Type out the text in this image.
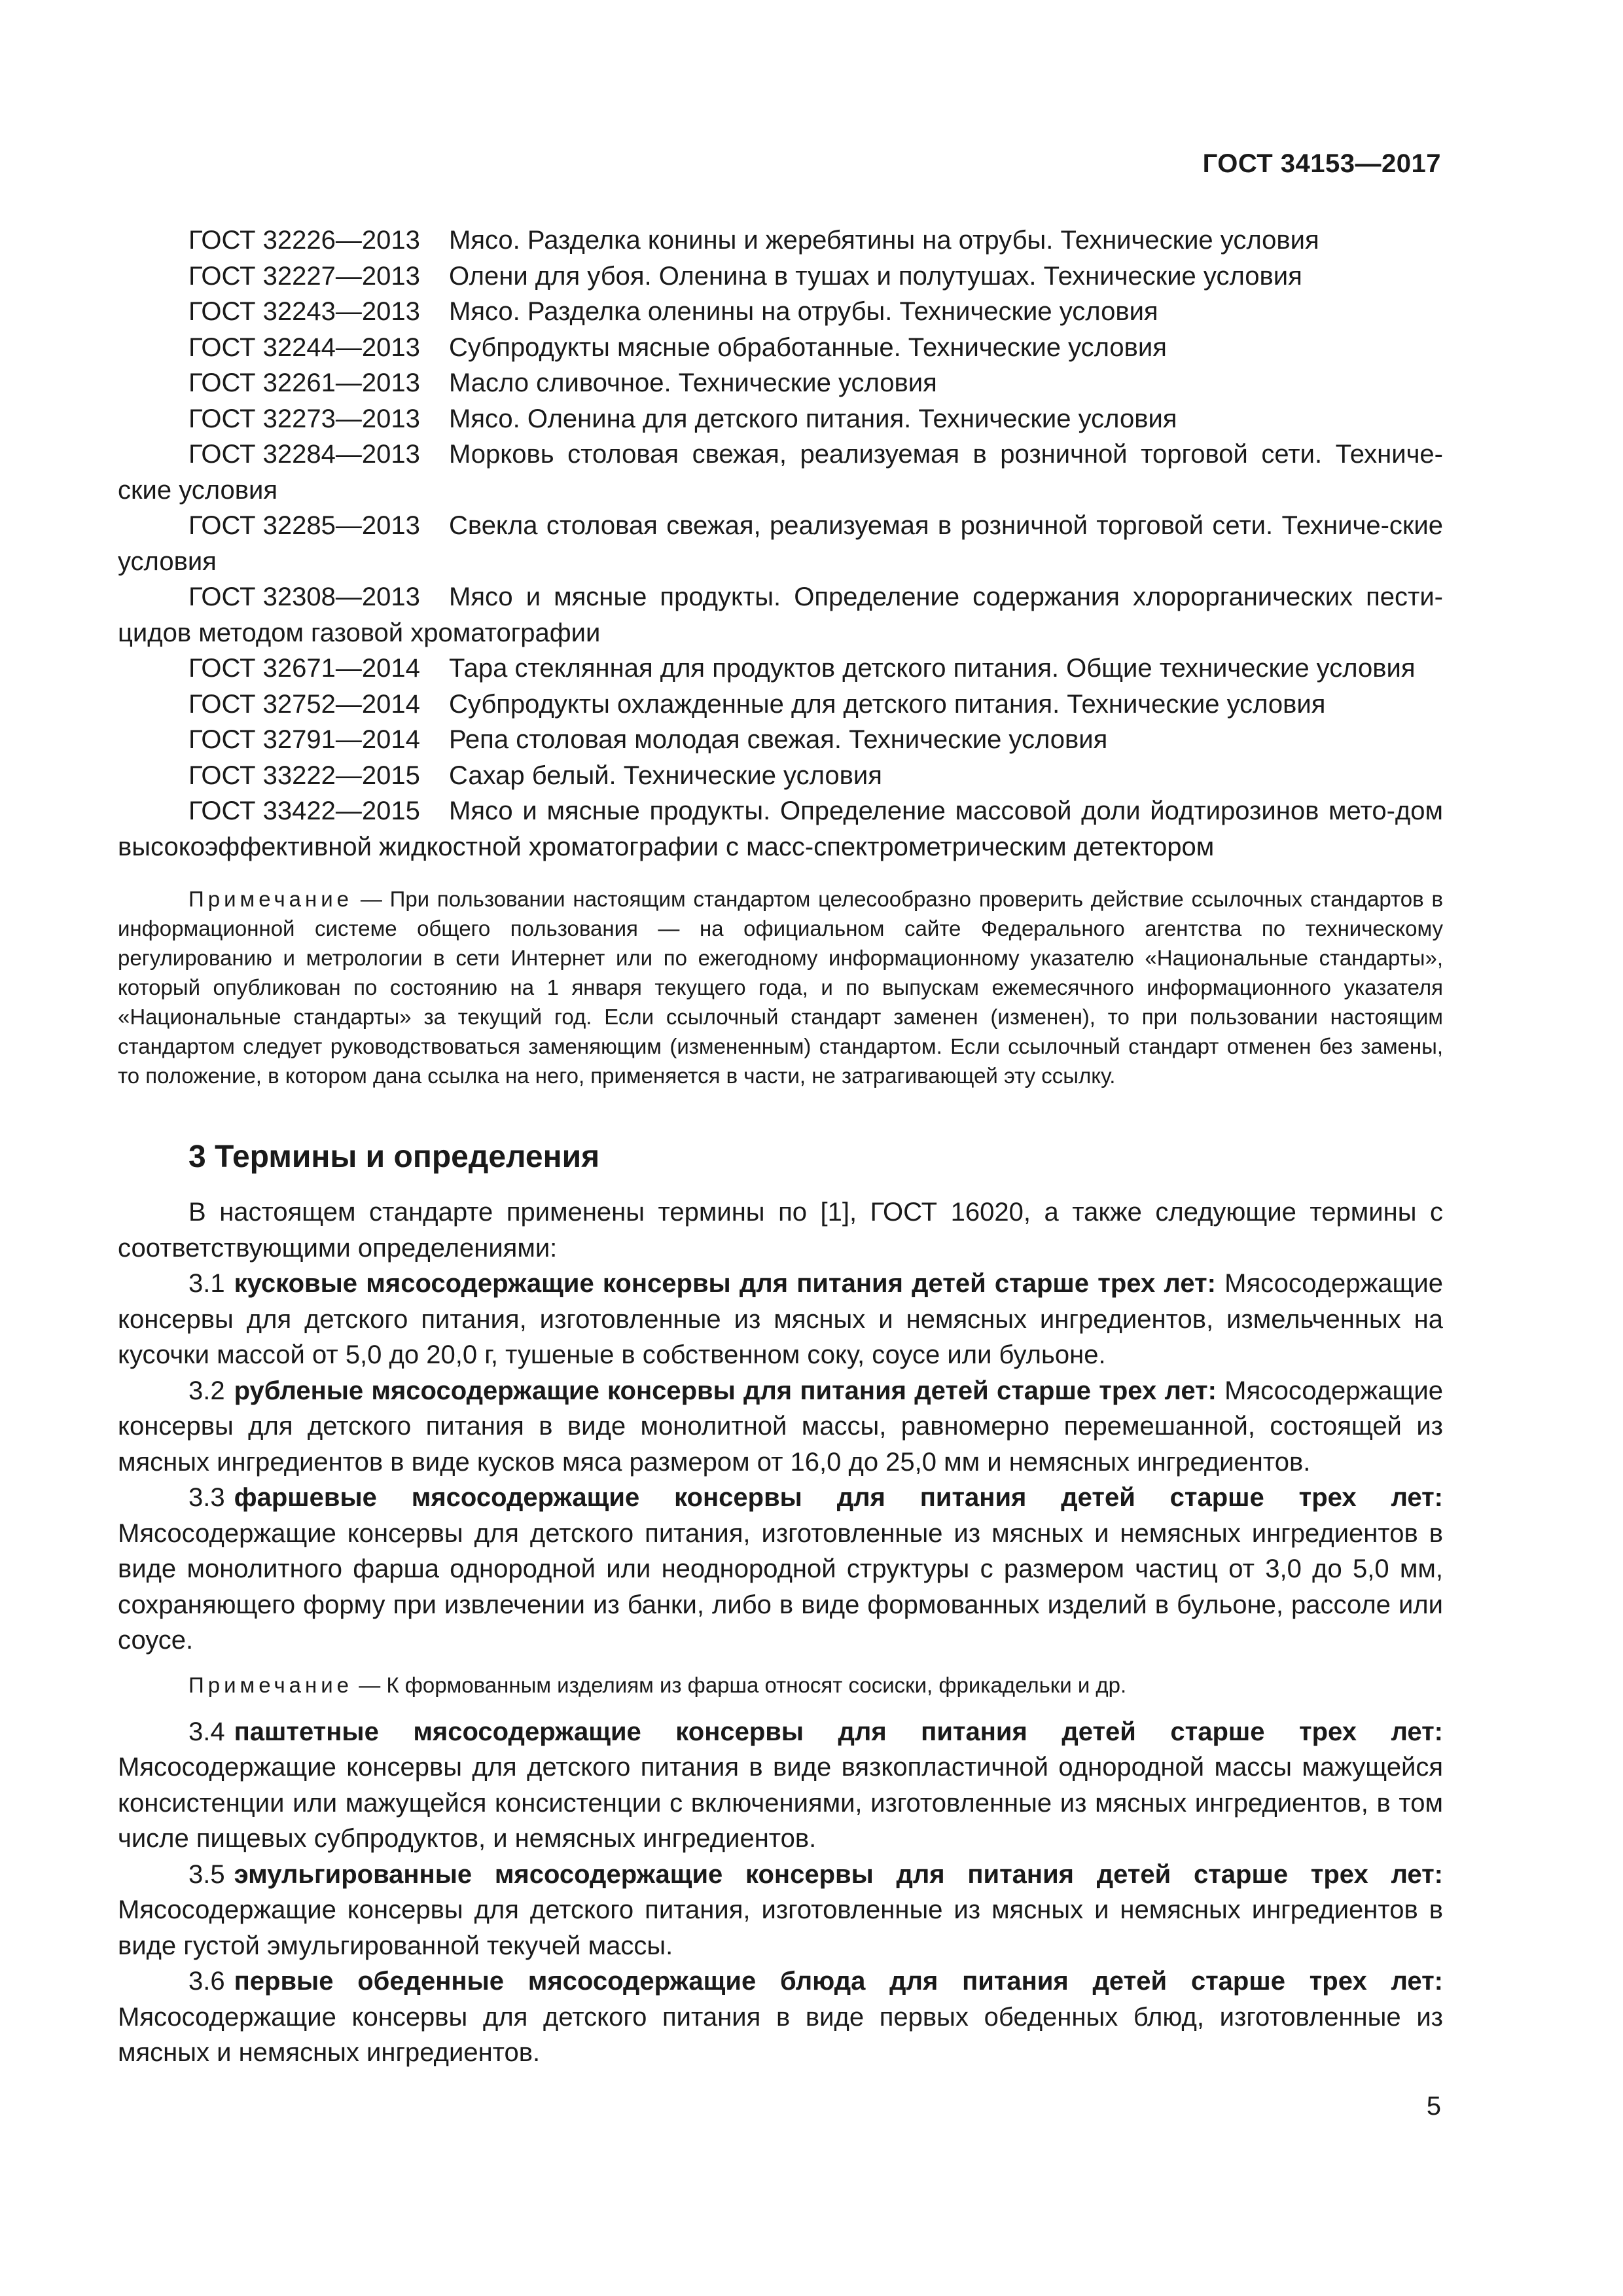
ГОСТ 34153—2017

ГОСТ 32226—2013 Мясо. Разделка конины и жеребятины на отрубы. Технические условия

ГОСТ 32227—2013 Олени для убоя. Оленина в тушах и полутушах. Технические условия

ГОСТ 32243—2013 Мясо. Разделка оленины на отрубы. Технические условия

ГОСТ 32244—2013 Субпродукты мясные обработанные. Технические условия

ГОСТ 32261—2013 Масло сливочное. Технические условия

ГОСТ 32273—2013 Мясо. Оленина для детского питания. Технические условия

ГОСТ 32284—2013 Морковь столовая свежая, реализуемая в розничной торговой сети. Техниче-ские условия

ГОСТ 32285—2013 Свекла столовая свежая, реализуемая в розничной торговой сети. Техниче-ские условия

ГОСТ 32308—2013 Мясо и мясные продукты. Определение содержания хлорорганических пести-цидов методом газовой хроматографии

ГОСТ 32671—2014 Тара стеклянная для продуктов детского питания. Общие технические условия

ГОСТ 32752—2014 Субпродукты охлажденные для детского питания. Технические условия

ГОСТ 32791—2014 Репа столовая молодая свежая. Технические условия

ГОСТ 33222—2015 Сахар белый. Технические условия

ГОСТ 33422—2015 Мясо и мясные продукты. Определение массовой доли йодтирозинов мето-дом высокоэффективной жидкостной хроматографии с масс-спектрометрическим детектором

Примечание — При пользовании настоящим стандартом целесообразно проверить действие ссылочных стандартов в информационной системе общего пользования — на официальном сайте Федерального агентства по техническому регулированию и метрологии в сети Интернет или по ежегодному информационному указателю «Национальные стандарты», который опубликован по состоянию на 1 января текущего года, и по выпускам ежемесячного информационного указателя «Национальные стандарты» за текущий год. Если ссылочный стандарт заменен (изменен), то при пользовании настоящим стандартом следует руководствоваться заменяющим (измененным) стандартом. Если ссылочный стандарт отменен без замены, то положение, в котором дана ссылка на него, применяется в части, не затрагивающей эту ссылку.
3 Термины и определения

В настоящем стандарте применены термины по [1], ГОСТ 16020, а также следующие термины с соответствующими определениями:

3.1 кусковые мясосодержащие консервы для питания детей старше трех лет: Мясосодержащие консервы для детского питания, изготовленные из мясных и немясных ингредиентов, измельченных на кусочки массой от 5,0 до 20,0 г, тушеные в собственном соку, соусе или бульоне.

3.2 рубленые мясосодержащие консервы для питания детей старше трех лет: Мясосодержащие консервы для детского питания в виде монолитной массы, равномерно перемешанной, состоящей из мясных ингредиентов в виде кусков мяса размером от 16,0 до 25,0 мм и немясных ингредиентов.

3.3 фаршевые мясосодержащие консервы для питания детей старше трех лет: Мясосодержащие консервы для детского питания, изготовленные из мясных и немясных ингредиентов в виде монолитного фарша однородной или неоднородной структуры с размером частиц от 3,0 до 5,0 мм, сохраняющего форму при извлечении из банки, либо в виде формованных изделий в бульоне, рассоле или соусе.

Примечание — К формованным изделиям из фарша относят сосиски, фрикадельки и др.

3.4 паштетные мясосодержащие консервы для питания детей старше трех лет: Мясосодержащие консервы для детского питания в виде вязкопластичной однородной массы мажущейся консистенции или мажущейся консистенции с включениями, изготовленные из мясных ингредиентов, в том числе пищевых субпродуктов, и немясных ингредиентов.

3.5 эмульгированные мясосодержащие консервы для питания детей старше трех лет: Мясосодержащие консервы для детского питания, изготовленные из мясных и немясных ингредиентов в виде густой эмульгированной текучей массы.

3.6 первые обеденные мясосодержащие блюда для питания детей старше трех лет: Мясосодержащие консервы для детского питания в виде первых обеденных блюд, изготовленные из мясных и немясных ингредиентов.

5
